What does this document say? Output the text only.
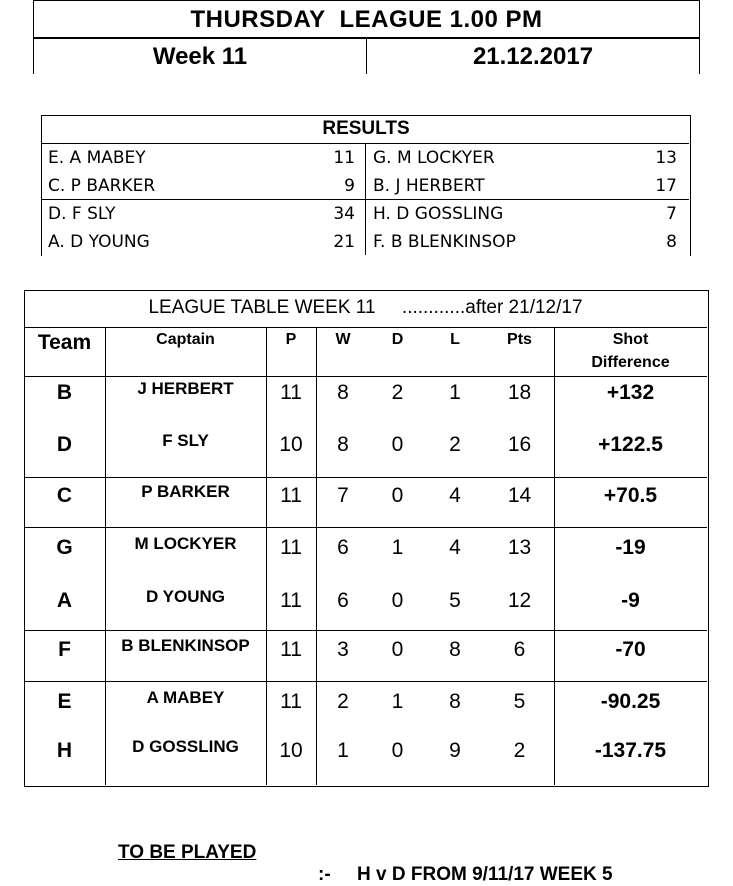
THURSDAY  LEAGUE 1.00 PM
Week 11	21.12.2017
RESULTS
E. A MABEY	11 G. M LOCKYER	13
C. P BARKER	9 B. J HERBERT	17
D. F SLY	34 H. D GOSSLING	7
A. D YOUNG	21 F. B BLENKINSOP	8
LEAGUE TABLE WEEK 11     ............after 21/12/17
Team	Captain	P	W	D	L	Pts	Shot
Difference
B	J HERBERT	11	8	2	1	18	+132
D	F SLY	10	8	0	2	16	+122.5
C	P BARKER	11	7	0	4	14	+70.5
G	M LOCKYER	11	6	1	4	13	-19
A	D YOUNG	11	6	0	5	12	-9
F	B BLENKINSOP	11	3	0	8	6	-70
E	A MABEY	11	2	1	8	5	-90.25
H	D GOSSLING	10	1	0	9	2	-137.75

TO BE PLAYED

:-     H v D FROM 9/11/17 WEEK 5
